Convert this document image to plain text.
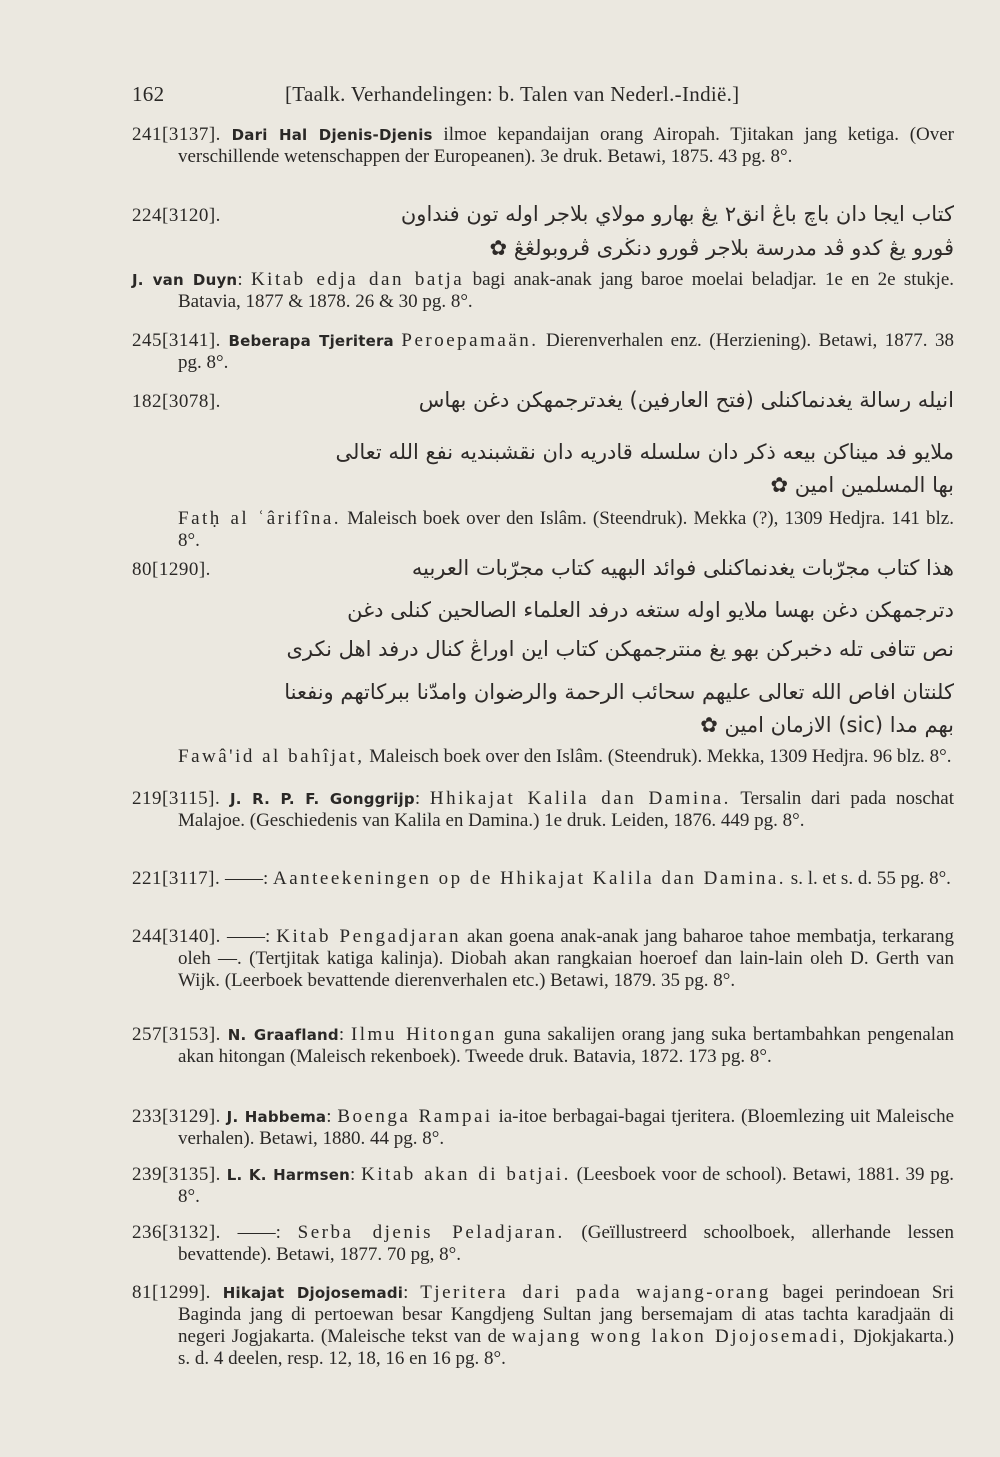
162	[Taalk. Verhandelingen: b. Talen van Nederl.-Indië.]

241[3137]. Dari Hal Djenis-Djenis ilmoe kepandaijan orang Airopah. Tjitakan jang ketiga. (Over verschillende wetenschappen der Europeanen). 3e druk. Betawi, 1875. 43 pg. 8°.

كتاب ايجا دان باچ باڠ انق٢ يڠ بهارو مولاي بلاجر اوله تون فنداون
224[3120].
ڤورو يڠ كدو ڤد مدرسة بلاجر ڤورو دنڬرى ڤروبولڠڠ ✿

J. van Duyn: Kitab edja dan batja bagi anak-anak jang baroe moelai beladjar. 1e en 2e stukje. Batavia, 1877 & 1878. 26 & 30 pg. 8°.

245[3141]. Beberapa Tjeritera Peroepamaän. Dierenverhalen enz. (Herziening). Betawi, 1877. 38 pg. 8°.

انيله رسالة يغدنماكنلى (فتح العارفين) يغدترجمهكن دغن بهاس
182[3078].
ملايو فد ميناكن بيعه ذكر دان سلسله قادريه دان نقشبنديه نفع الله تعالى
بها المسلمين امين ✿

Fatḥ al ʿârifîna. Maleisch boek over den Islâm. (Steendruk). Mekka (?), 1309 Hedjra. 141 blz. 8°.

هذا كتاب مجرّبات يغدنماكنلى فوائد البهيه كتاب مجرّبات العربيه
80[1290].
دترجمهكن دغن بهسا ملايو اوله ستغه درفد العلماء الصالحين كنلى دغن
نص تتافى تله دخبركن بهو يغ منترجمهكن كتاب اين اوراڠ كنال درفد اهل نكرى
كلنتان افاص الله تعالى عليهم سحائب الرحمة والرضوان وامدّنا ببركاتهم ونفعنا
بهم مدا (sic) الازمان امين ✿

Fawâ'id al bahîjat, Maleisch boek over den Islâm. (Steendruk). Mekka, 1309 Hedjra. 96 blz. 8°.

219[3115]. J. R. P. F. Gonggrijp: Hhikajat Kalila dan Damina. Tersalin dari pada noschat Malajoe. (Geschiedenis van Kalila en Damina.) 1e druk. Leiden, 1876. 449 pg. 8°.

221[3117]. ——: Aanteekeningen op de Hhikajat Kalila dan Damina. s. l. et s. d. 55 pg. 8°.

244[3140]. ——: Kitab Pengadjaran akan goena anak-anak jang baharoe tahoe membatja, terkarang oleh —. (Tertjitak katiga kalinja). Diobah akan rangkaian hoeroef dan lain-lain oleh D. Gerth van Wijk. (Leerboek bevattende dierenverhalen etc.) Betawi, 1879. 35 pg. 8°.

257[3153]. N. Graafland: Ilmu Hitongan guna sakalijen orang jang suka bertambahkan pengenalan akan hitongan (Maleisch rekenboek). Tweede druk. Batavia, 1872. 173 pg. 8°.

233[3129]. J. Habbema: Boenga Rampai ia-itoe berbagai-bagai tjeritera. (Bloemlezing uit Maleische verhalen). Betawi, 1880. 44 pg. 8°.

239[3135]. L. K. Harmsen: Kitab akan di batjai. (Leesboek voor de school). Betawi, 1881. 39 pg. 8°.

236[3132]. ——: Serba djenis Peladjaran. (Geïllustreerd schoolboek, allerhande lessen bevattende). Betawi, 1877. 70 pg, 8°.

81[1299]. Hikajat Djojosemadi: Tjeritera dari pada wajang-orang bagei perindoean Sri Baginda jang di pertoewan besar Kangdjeng Sultan jang bersemajam di atas tachta karadjaän di negeri Jogjakarta. (Maleische tekst van de wajang wong lakon Djojosemadi, Djokjakarta.) s. d. 4 deelen, resp. 12, 18, 16 en 16 pg. 8°.
